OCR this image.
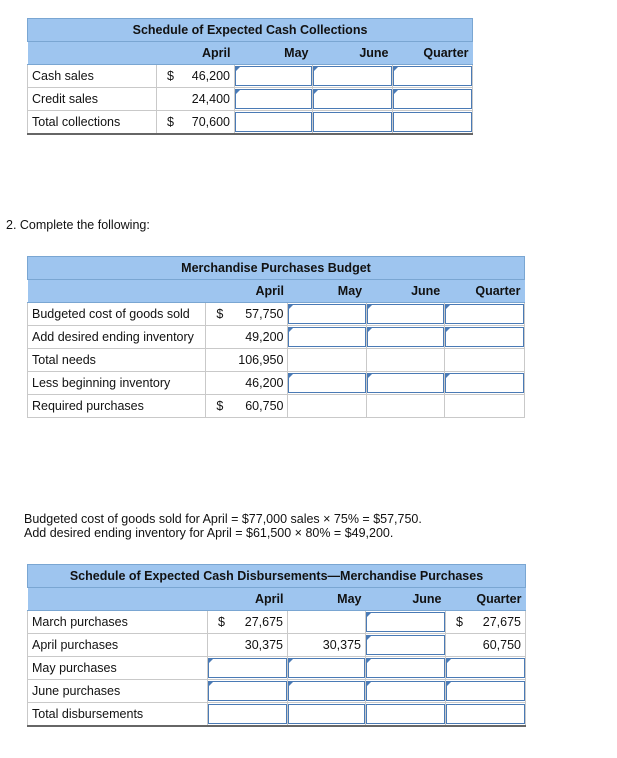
Schedule of Expected Cash Collections				
	April	May	June	Quarter
Cash sales	$ 46,200	

Credit sales	24,400	

Total collections	$ 70,600			

2. Complete the following:

Merchandise Purchases Budget				
	April	May	June	Quarter
Budgeted cost of goods sold	$ 57,750	

Add desired ending inventory	49,200	

Total needs	106,950			
Less beginning inventory	46,200	

Required purchases	$ 60,750			

Budgeted cost of goods sold for April = $77,000 sales × 75% = $57,750.

Add desired ending inventory for April = $61,500 × 80% = $49,200.

Schedule of Expected Cash Disbursements—Merchandise Purchases				
	April	May	June	Quarter
March purchases	$ 27,675			$ 27,675
April purchases	30,375	30,375		60,750
May purchases	

June purchases	

Total disbursements				
